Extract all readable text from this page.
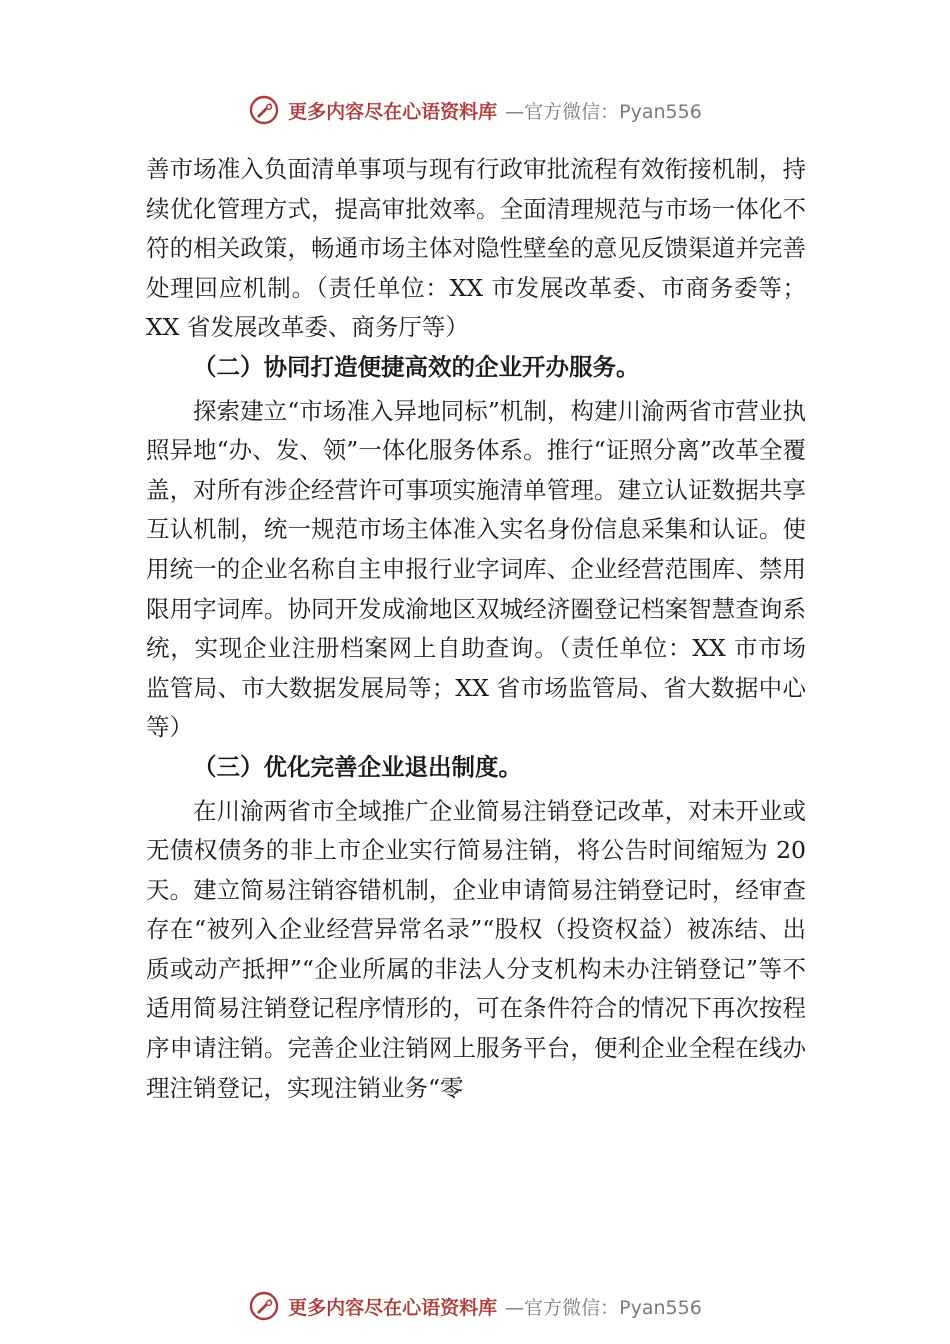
更多内容尽在心语资料库 —官方微信：Pyan556

善市场准入负面清单事项与现有行政审批流程有效衔接机制，持续优化管理方式，提高审批效率。全面清理规范与市场一体化不符的相关政策，畅通市场主体对隐性壁垒的意见反馈渠道并完善处理回应机制。（责任单位：XX 市发展改革委、市商务委等；XX 省发展改革委、商务厅等）

（二）协同打造便捷高效的企业开办服务。

探索建立“市场准入异地同标”机制，构建川渝两省市营业执照异地“办、发、领”一体化服务体系。推行“证照分离”改革全覆盖，对所有涉企经营许可事项实施清单管理。建立认证数据共享互认机制，统一规范市场主体准入实名身份信息采集和认证。使用统一的企业名称自主申报行业字词库、企业经营范围库、禁用限用字词库。协同开发成渝地区双城经济圈登记档案智慧查询系统，实现企业注册档案网上自助查询。（责任单位：XX 市市场监管局、市大数据发展局等；XX 省市场监管局、省大数据中心等）

（三）优化完善企业退出制度。

在川渝两省市全域推广企业简易注销登记改革，对未开业或无债权债务的非上市企业实行简易注销，将公告时间缩短为 20 天。建立简易注销容错机制，企业申请简易注销登记时，经审查存在“被列入企业经营异常名录”“股权（投资权益）被冻结、出质或动产抵押”“企业所属的非法人分支机构未办注销登记”等不适用简易注销登记程序情形的，可在条件符合的情况下再次按程序申请注销。完善企业注销网上服务平台，便利企业全程在线办理注销登记，实现注销业务“零

更多内容尽在心语资料库 —官方微信：Pyan556
